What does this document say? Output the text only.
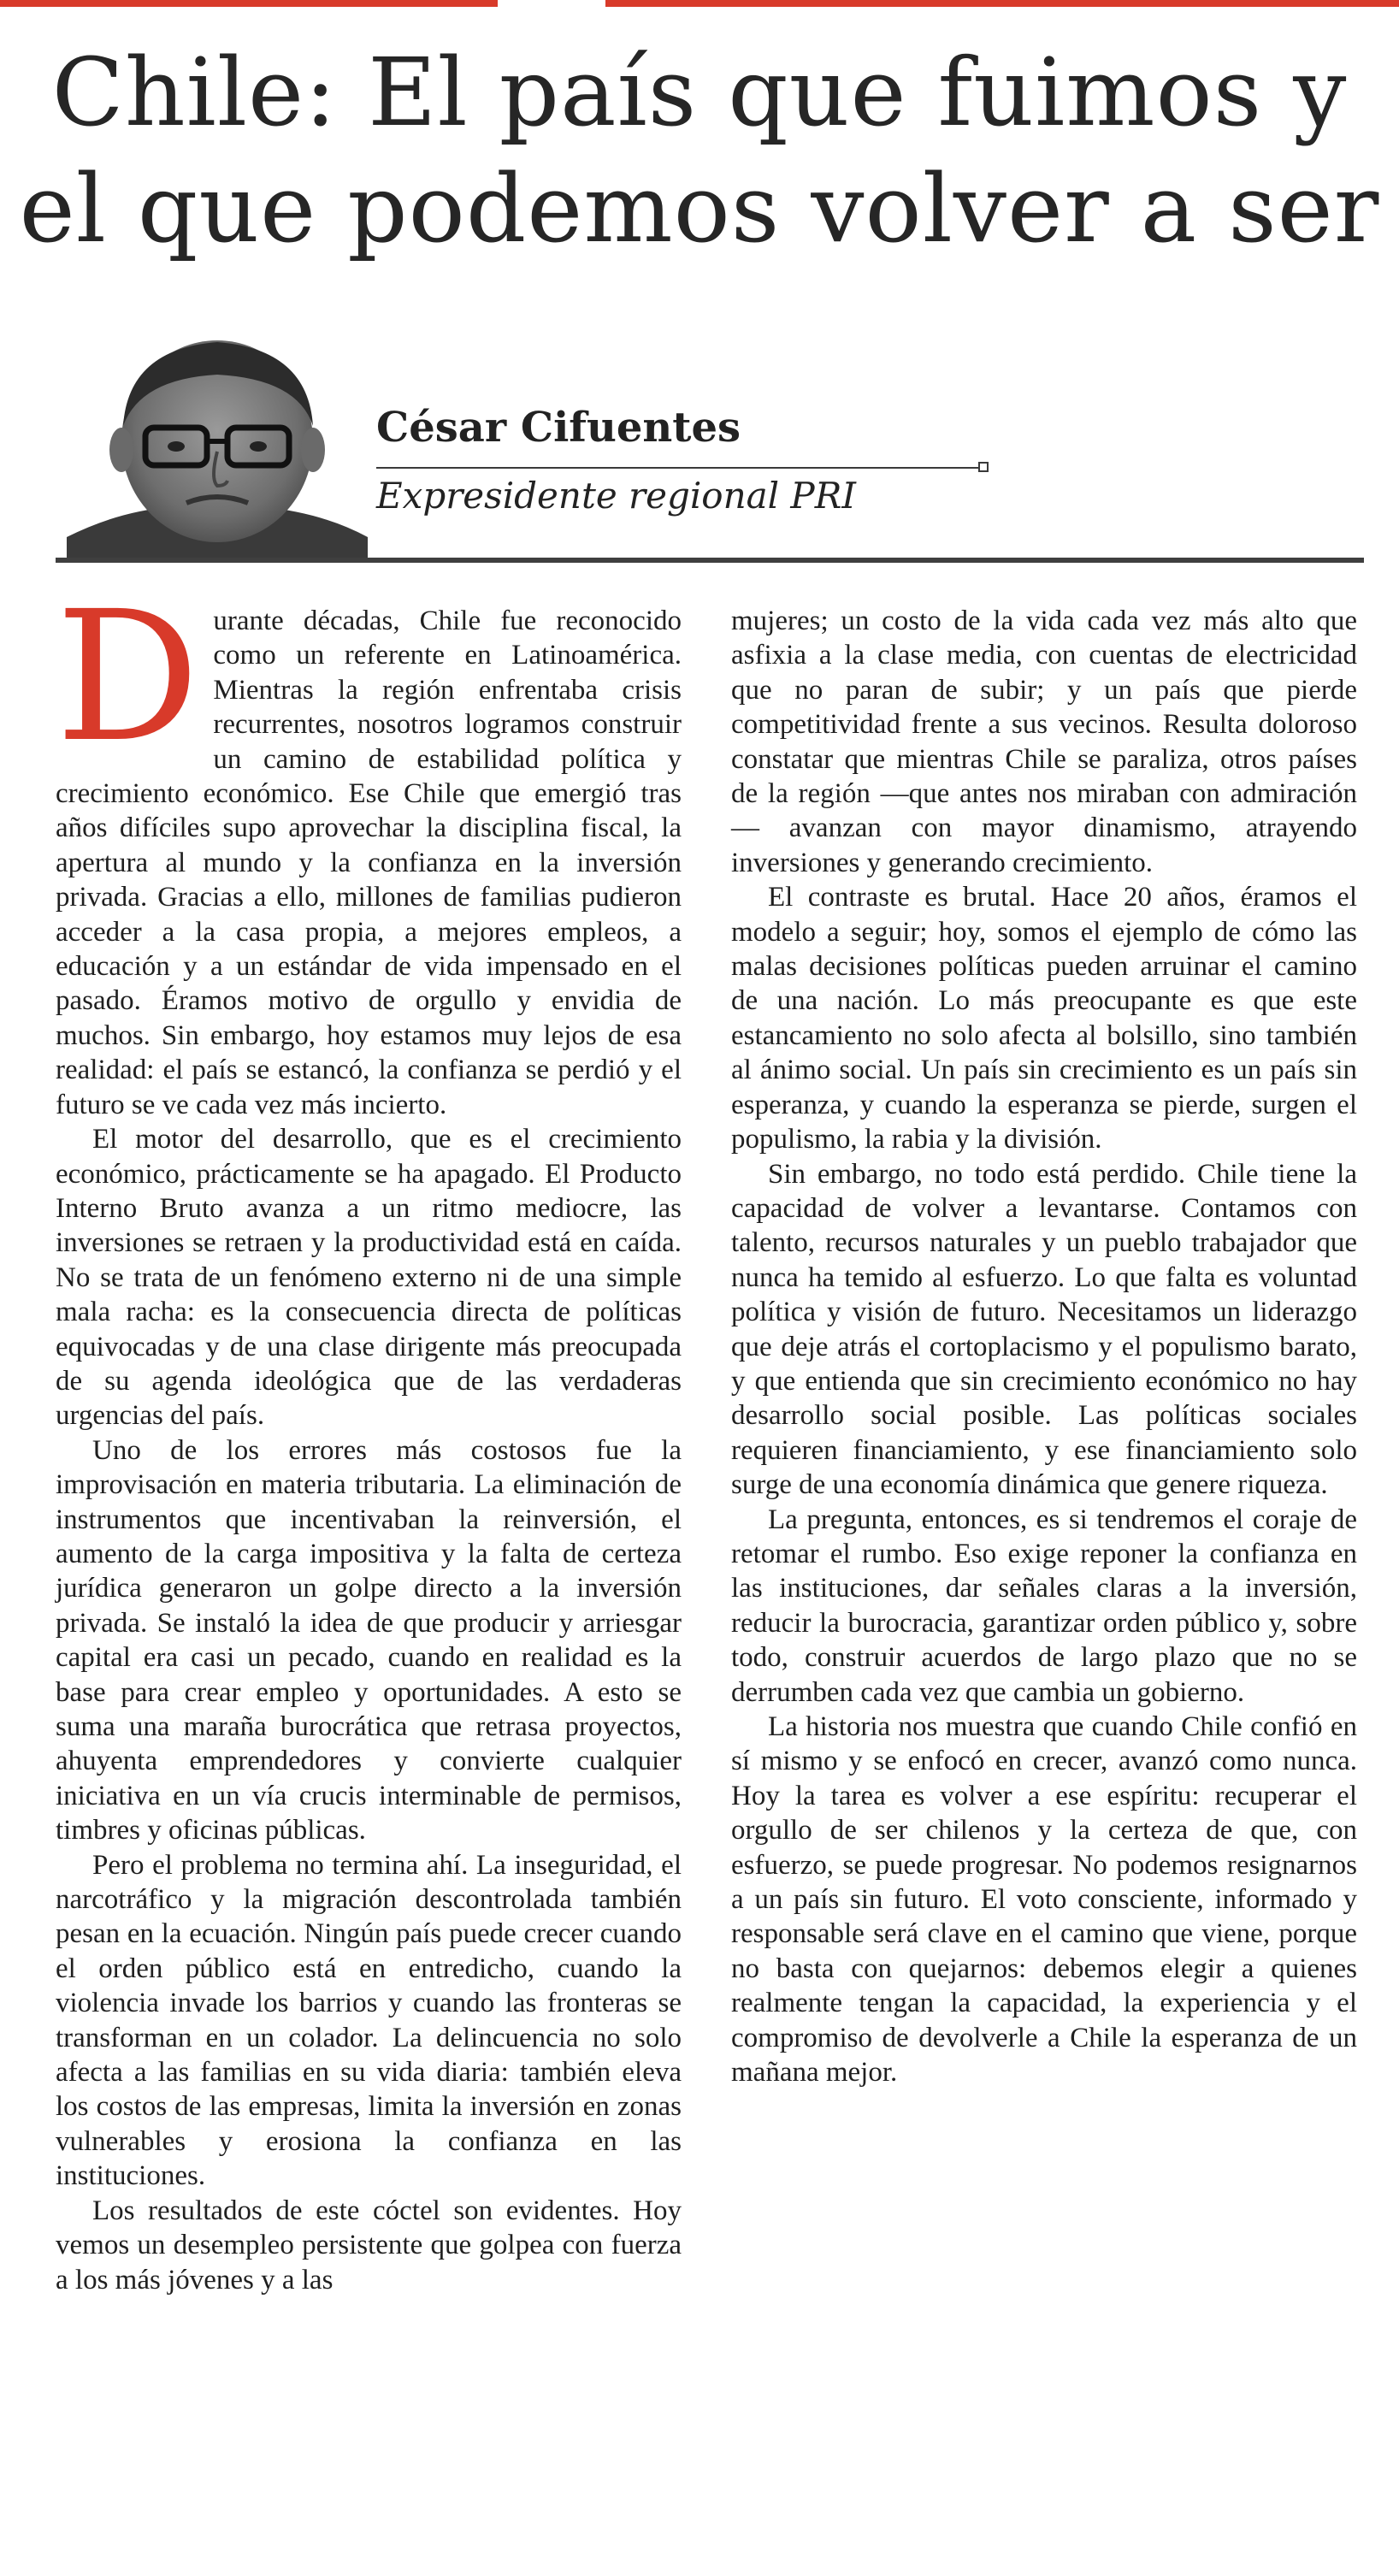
Chile: El país que fuimos y el que podemos volver a ser
César Cifuentes

Expresidente regional PRI

Durante décadas, Chile fue reconocido como un referente en Latinoamérica. Mientras la región enfrentaba crisis recurrentes, nosotros logramos construir un camino de estabilidad política y crecimiento económico. Ese Chile que emergió tras años difíciles supo aprovechar la disciplina fiscal, la apertura al mundo y la confianza en la inversión privada. Gracias a ello, millones de familias pudieron acceder a la casa propia, a mejores empleos, a educación y a un estándar de vida impensado en el pasado. Éramos motivo de orgullo y envidia de muchos. Sin embargo, hoy estamos muy lejos de esa realidad: el país se estancó, la confianza se perdió y el futuro se ve cada vez más incierto.

El motor del desarrollo, que es el crecimiento económico, prácticamente se ha apagado. El Producto Interno Bruto avanza a un ritmo mediocre, las inversiones se retraen y la productividad está en caída. No se trata de un fenómeno externo ni de una simple mala racha: es la consecuencia directa de políticas equivocadas y de una clase dirigente más preocupada de su agenda ideológica que de las verdaderas urgencias del país.

Uno de los errores más costosos fue la improvisación en materia tributaria. La eliminación de instrumentos que incentivaban la reinversión, el aumento de la carga impositiva y la falta de certeza jurídica generaron un golpe directo a la inversión privada. Se instaló la idea de que producir y arriesgar capital era casi un pecado, cuando en realidad es la base para crear empleo y oportunidades. A esto se suma una maraña burocrática que retrasa proyectos, ahuyenta emprendedores y convierte cualquier iniciativa en un vía crucis interminable de permisos, timbres y oficinas públicas.

Pero el problema no termina ahí. La inseguridad, el narcotráfico y la migración descontrolada también pesan en la ecuación. Ningún país puede crecer cuando el orden público está en entredicho, cuando la violencia invade los barrios y cuando las fronteras se transforman en un colador. La delincuencia no solo afecta a las familias en su vida diaria: también eleva los costos de las empresas, limita la inversión en zonas vulnerables y erosiona la confianza en las instituciones.

Los resultados de este cóctel son evidentes. Hoy vemos un desempleo persistente que golpea con fuerza a los más jóvenes y a las

mujeres; un costo de la vida cada vez más alto que asfixia a la clase media, con cuentas de electricidad que no paran de subir; y un país que pierde competitividad frente a sus vecinos. Resulta doloroso constatar que mientras Chile se paraliza, otros países de la región —que antes nos miraban con admiración— avanzan con mayor dinamismo, atrayendo inversiones y generando crecimiento.

El contraste es brutal. Hace 20 años, éramos el modelo a seguir; hoy, somos el ejemplo de cómo las malas decisiones políticas pueden arruinar el camino de una nación. Lo más preocupante es que este estancamiento no solo afecta al bolsillo, sino también al ánimo social. Un país sin crecimiento es un país sin esperanza, y cuando la esperanza se pierde, surgen el populismo, la rabia y la división.

Sin embargo, no todo está perdido. Chile tiene la capacidad de volver a levantarse. Contamos con talento, recursos naturales y un pueblo trabajador que nunca ha temido al esfuerzo. Lo que falta es voluntad política y visión de futuro. Necesitamos un liderazgo que deje atrás el cortoplacismo y el populismo barato, y que entienda que sin crecimiento económico no hay desarrollo social posible. Las políticas sociales requieren financiamiento, y ese financiamiento solo surge de una economía dinámica que genere riqueza.

La pregunta, entonces, es si tendremos el coraje de retomar el rumbo. Eso exige reponer la confianza en las instituciones, dar señales claras a la inversión, reducir la burocracia, garantizar orden público y, sobre todo, construir acuerdos de largo plazo que no se derrumben cada vez que cambia un gobierno.

La historia nos muestra que cuando Chile confió en sí mismo y se enfocó en crecer, avanzó como nunca. Hoy la tarea es volver a ese espíritu: recuperar el orgullo de ser chilenos y la certeza de que, con esfuerzo, se puede progresar. No podemos resignarnos a un país sin futuro. El voto consciente, informado y responsable será clave en el camino que viene, porque no basta con quejarnos: debemos elegir a quienes realmente tengan la capacidad, la experiencia y el compromiso de devolverle a Chile la esperanza de un mañana mejor.
